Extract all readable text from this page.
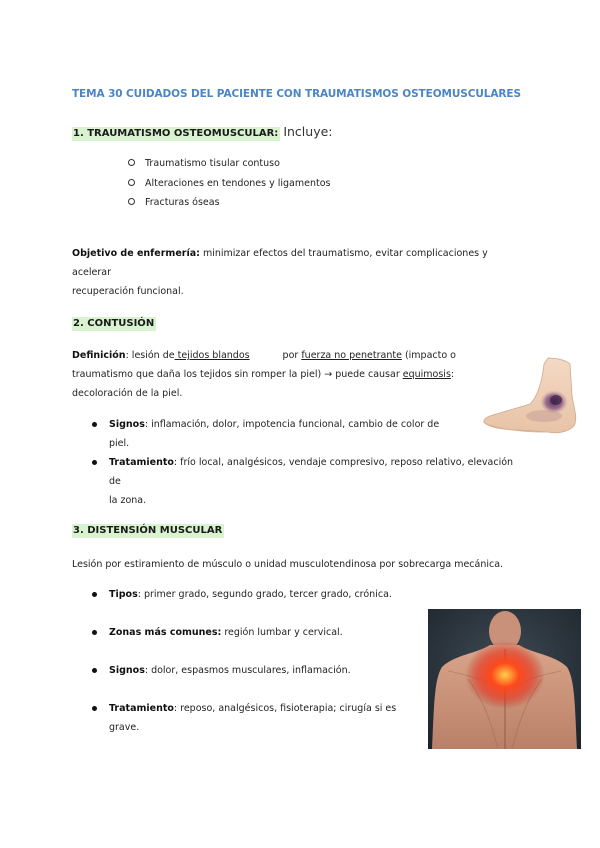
TEMA 30 CUIDADOS DEL PACIENTE CON TRAUMATISMOS OSTEOMUSCULARES
1. TRAUMATISMO OSTEOMUSCULAR: Incluye:
Traumatismo tisular contuso
Alteraciones en tendones y ligamentos
Fracturas óseas
Objetivo de enfermería: minimizar efectos del traumatismo, evitar complicaciones y acelerar
recuperación funcional.
2. CONTUSIÓN
Definición: lesión de tejidos blandos	por fuerza no penetrante (impacto o
traumatismo que daña los tejidos sin romper la piel) → puede causar equimosis:
decoloración de la piel.
Signos: inflamación, dolor, impotencia funcional, cambio de color de
piel.
Tratamiento: frío local, analgésicos, vendaje compresivo, reposo relativo, elevación de
la zona.
3. DISTENSIÓN MUSCULAR
Lesión por estiramiento de músculo o unidad musculotendinosa por sobrecarga mecánica.
Tipos: primer grado, segundo grado, tercer grado, crónica.
Zonas más comunes: región lumbar y cervical.
Signos: dolor, espasmos musculares, inflamación.
Tratamiento: reposo, analgésicos, fisioterapia; cirugía si es grave.
